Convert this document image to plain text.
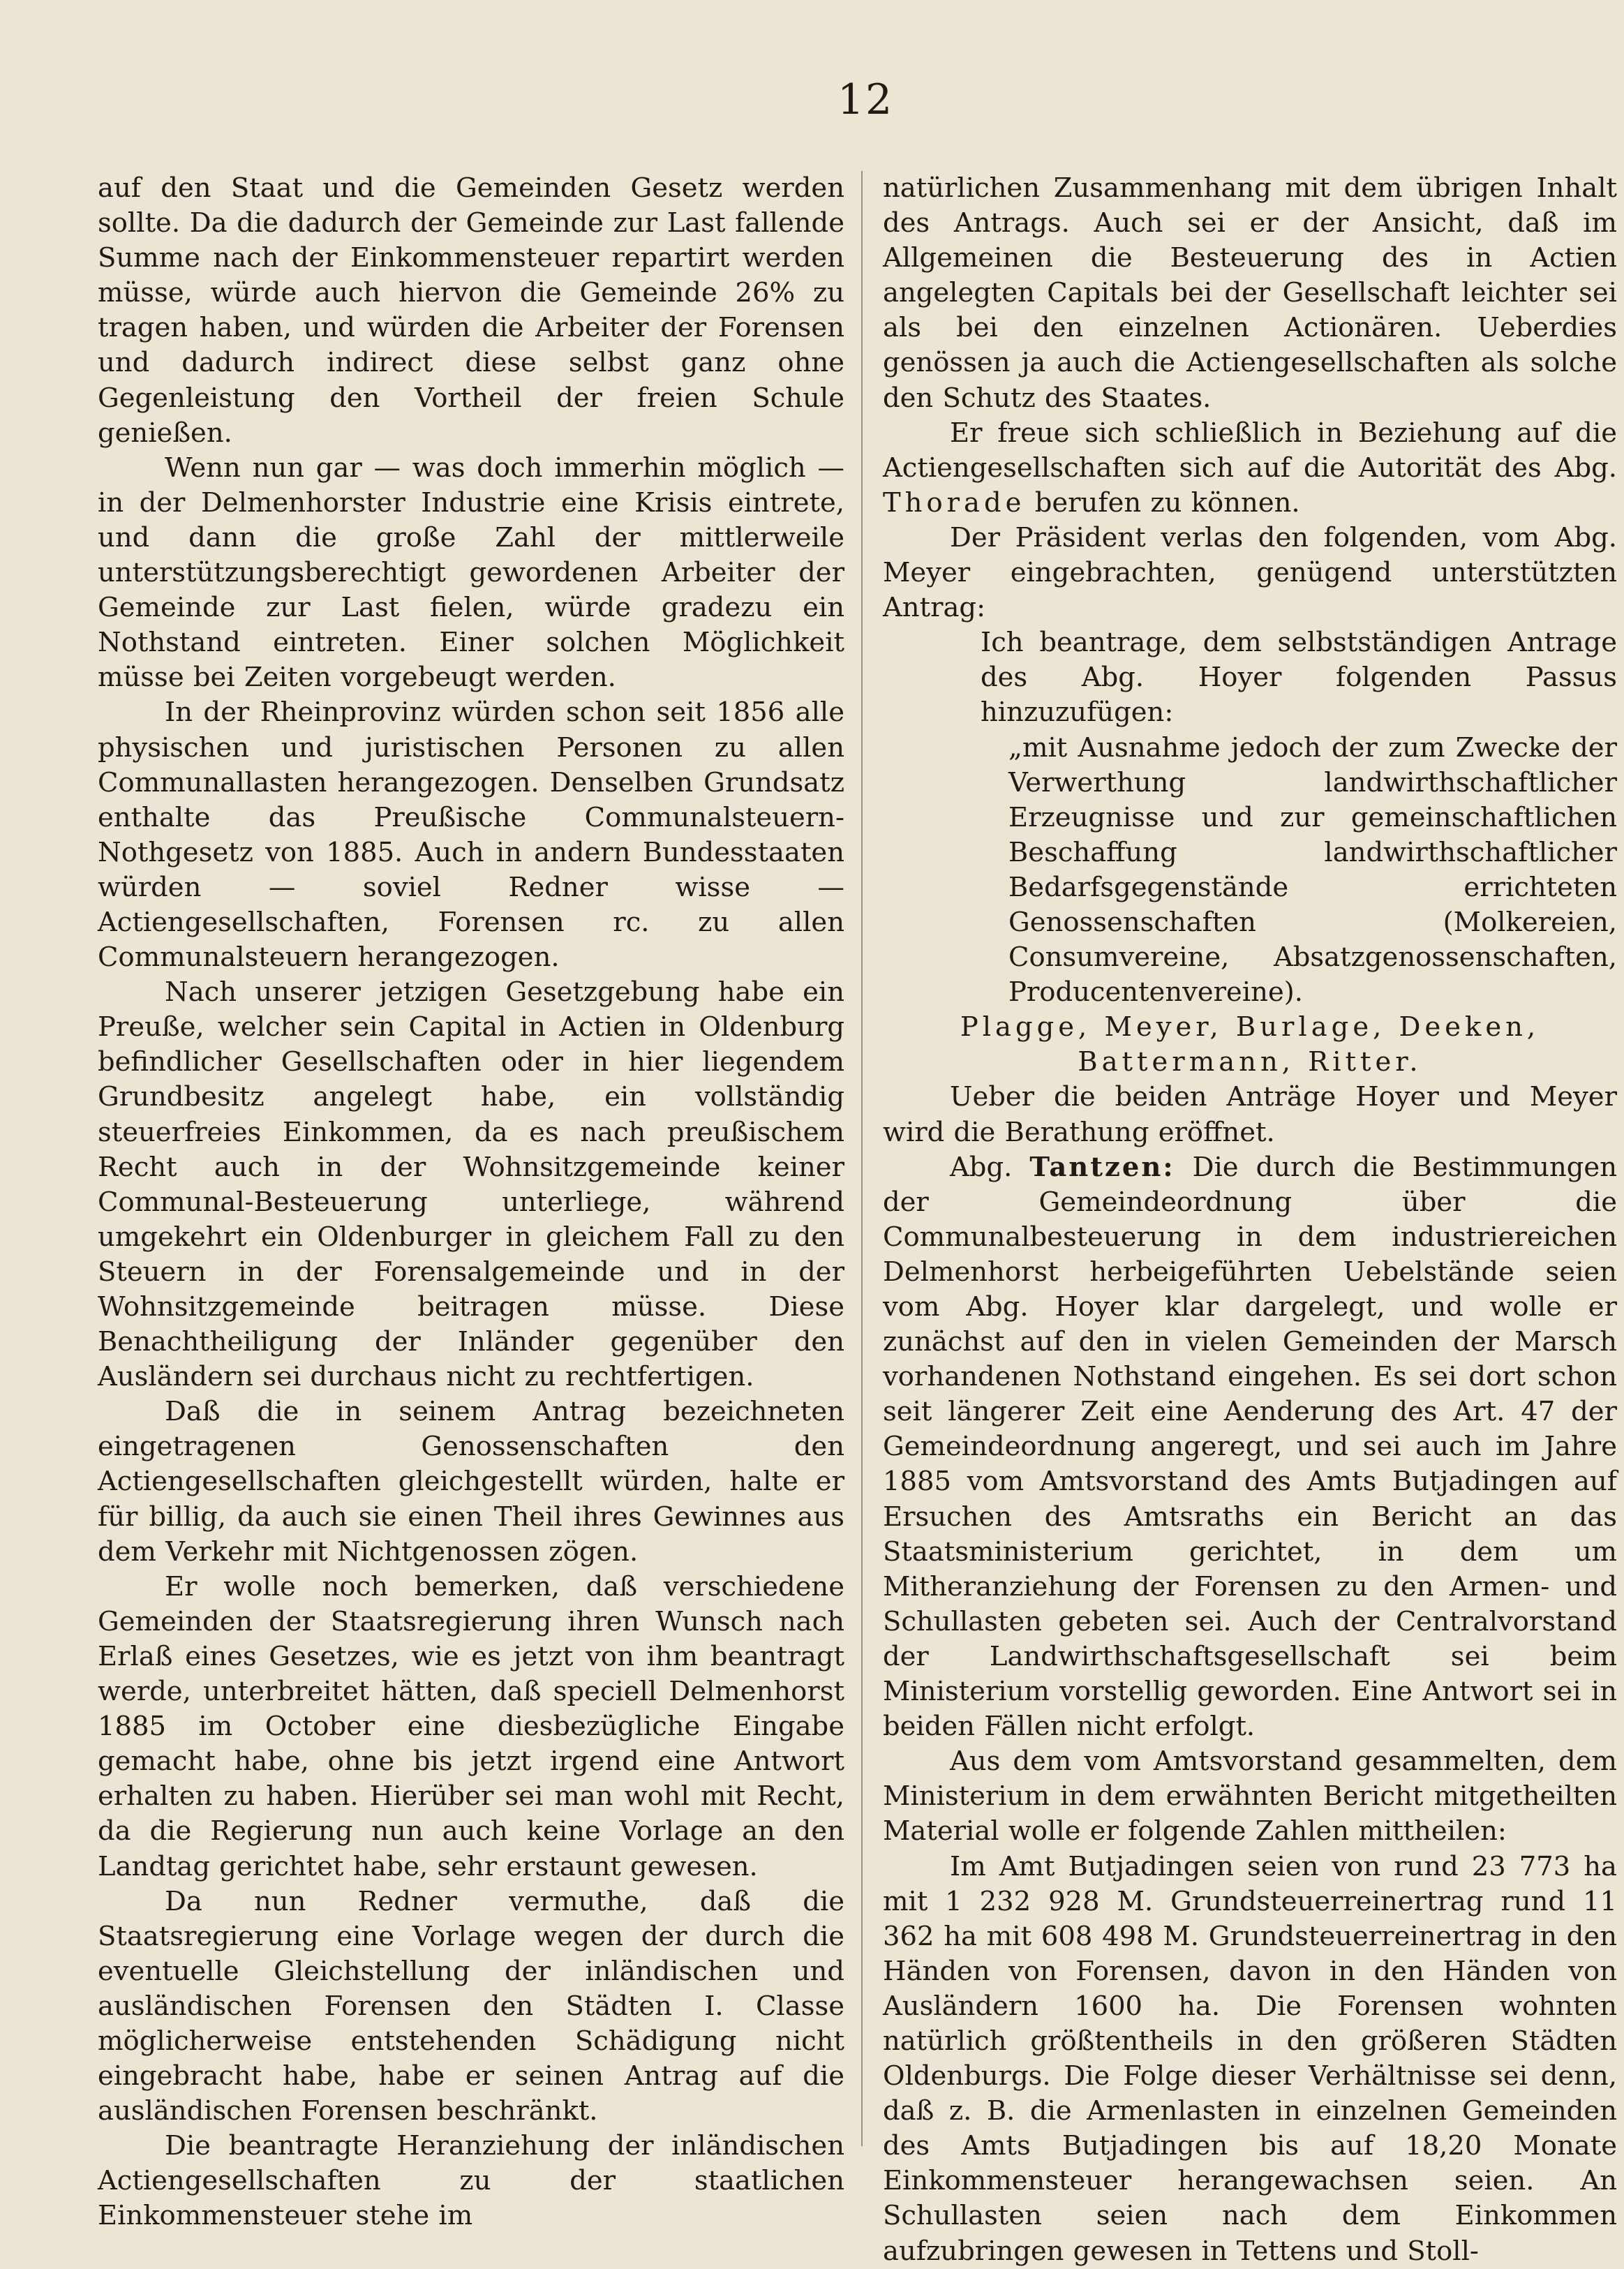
12

auf den Staat und die Gemeinden Gesetz werden sollte. Da die dadurch der Gemeinde zur Last fallende Summe nach der Einkommensteuer repartirt werden müsse, würde auch hiervon die Gemeinde 26% zu tragen haben, und würden die Arbeiter der Forensen und dadurch indirect diese selbst ganz ohne Gegenleistung den Vortheil der freien Schule genießen.

Wenn nun gar — was doch immerhin möglich — in der Delmenhorster Industrie eine Krisis eintrete, und dann die große Zahl der mittlerweile unterstützungsberechtigt gewordenen Arbeiter der Gemeinde zur Last fielen, würde gradezu ein Nothstand eintreten. Einer solchen Möglichkeit müsse bei Zeiten vorgebeugt werden.

In der Rheinprovinz würden schon seit 1856 alle physischen und juristischen Personen zu allen Communallasten herangezogen. Denselben Grundsatz enthalte das Preußische Communalsteuern-Nothgesetz von 1885. Auch in andern Bundesstaaten würden — soviel Redner wisse — Actiengesellschaften, Forensen rc. zu allen Communalsteuern herangezogen.

Nach unserer jetzigen Gesetzgebung habe ein Preuße, welcher sein Capital in Actien in Oldenburg befindlicher Gesellschaften oder in hier liegendem Grundbesitz angelegt habe, ein vollständig steuerfreies Einkommen, da es nach preußischem Recht auch in der Wohnsitzgemeinde keiner Communal-Besteuerung unterliege, während umgekehrt ein Oldenburger in gleichem Fall zu den Steuern in der Forensalgemeinde und in der Wohnsitzgemeinde beitragen müsse. Diese Benachtheiligung der Inländer gegenüber den Ausländern sei durchaus nicht zu rechtfertigen.

Daß die in seinem Antrag bezeichneten eingetragenen Genossenschaften den Actiengesellschaften gleichgestellt würden, halte er für billig, da auch sie einen Theil ihres Gewinnes aus dem Verkehr mit Nichtgenossen zögen.

Er wolle noch bemerken, daß verschiedene Gemeinden der Staatsregierung ihren Wunsch nach Erlaß eines Gesetzes, wie es jetzt von ihm beantragt werde, unterbreitet hätten, daß speciell Delmenhorst 1885 im October eine diesbezügliche Eingabe gemacht habe, ohne bis jetzt irgend eine Antwort erhalten zu haben. Hierüber sei man wohl mit Recht, da die Regierung nun auch keine Vorlage an den Landtag gerichtet habe, sehr erstaunt gewesen.

Da nun Redner vermuthe, daß die Staatsregierung eine Vorlage wegen der durch die eventuelle Gleichstellung der inländischen und ausländischen Forensen den Städten I. Classe möglicherweise entstehenden Schädigung nicht eingebracht habe, habe er seinen Antrag auf die ausländischen Forensen beschränkt.

Die beantragte Heranziehung der inländischen Actiengesellschaften zu der staatlichen Einkommensteuer stehe im

natürlichen Zusammenhang mit dem übrigen Inhalt des Antrags. Auch sei er der Ansicht, daß im Allgemeinen die Besteuerung des in Actien angelegten Capitals bei der Gesellschaft leichter sei als bei den einzelnen Actionären. Ueberdies genössen ja auch die Actiengesellschaften als solche den Schutz des Staates.

Er freue sich schließlich in Beziehung auf die Actiengesellschaften sich auf die Autorität des Abg. Thorade berufen zu können.

Der Präsident verlas den folgenden, vom Abg. Meyer eingebrachten, genügend unterstützten Antrag:

Ich beantrage, dem selbstständigen Antrage des Abg. Hoyer folgenden Passus hinzuzufügen:

„mit Ausnahme jedoch der zum Zwecke der Verwerthung landwirthschaftlicher Erzeugnisse und zur gemeinschaftlichen Beschaffung landwirthschaftlicher Bedarfsgegenstände errichteten Genossenschaften (Molkereien, Consumvereine, Absatzgenossenschaften, Producentenvereine).

Plagge, Meyer, Burlage, Deeken,

Battermann, Ritter.

Ueber die beiden Anträge Hoyer und Meyer wird die Berathung eröffnet.

Abg. Tantzen: Die durch die Bestimmungen der Gemeindeordnung über die Communalbesteuerung in dem industriereichen Delmenhorst herbeigeführten Uebelstände seien vom Abg. Hoyer klar dargelegt, und wolle er zunächst auf den in vielen Gemeinden der Marsch vorhandenen Nothstand eingehen. Es sei dort schon seit längerer Zeit eine Aenderung des Art. 47 der Gemeindeordnung angeregt, und sei auch im Jahre 1885 vom Amtsvorstand des Amts Butjadingen auf Ersuchen des Amtsraths ein Bericht an das Staatsministerium gerichtet, in dem um Mitheranziehung der Forensen zu den Armen- und Schullasten gebeten sei. Auch der Centralvorstand der Landwirthschaftsgesellschaft sei beim Ministerium vorstellig geworden. Eine Antwort sei in beiden Fällen nicht erfolgt.

Aus dem vom Amtsvorstand gesammelten, dem Ministerium in dem erwähnten Bericht mitgetheilten Material wolle er folgende Zahlen mittheilen:

Im Amt Butjadingen seien von rund 23 773 ha mit 1 232 928 M. Grundsteuerreinertrag rund 11 362 ha mit 608 498 M. Grundsteuerreinertrag in den Händen von Forensen, davon in den Händen von Ausländern 1600 ha. Die Forensen wohnten natürlich größtentheils in den größeren Städten Oldenburgs. Die Folge dieser Verhältnisse sei denn, daß z. B. die Armenlasten in einzelnen Gemeinden des Amts Butjadingen bis auf 18,20 Monate Einkommensteuer herangewachsen seien. An Schullasten seien nach dem Einkommen aufzubringen gewesen in Tettens und Stoll-
